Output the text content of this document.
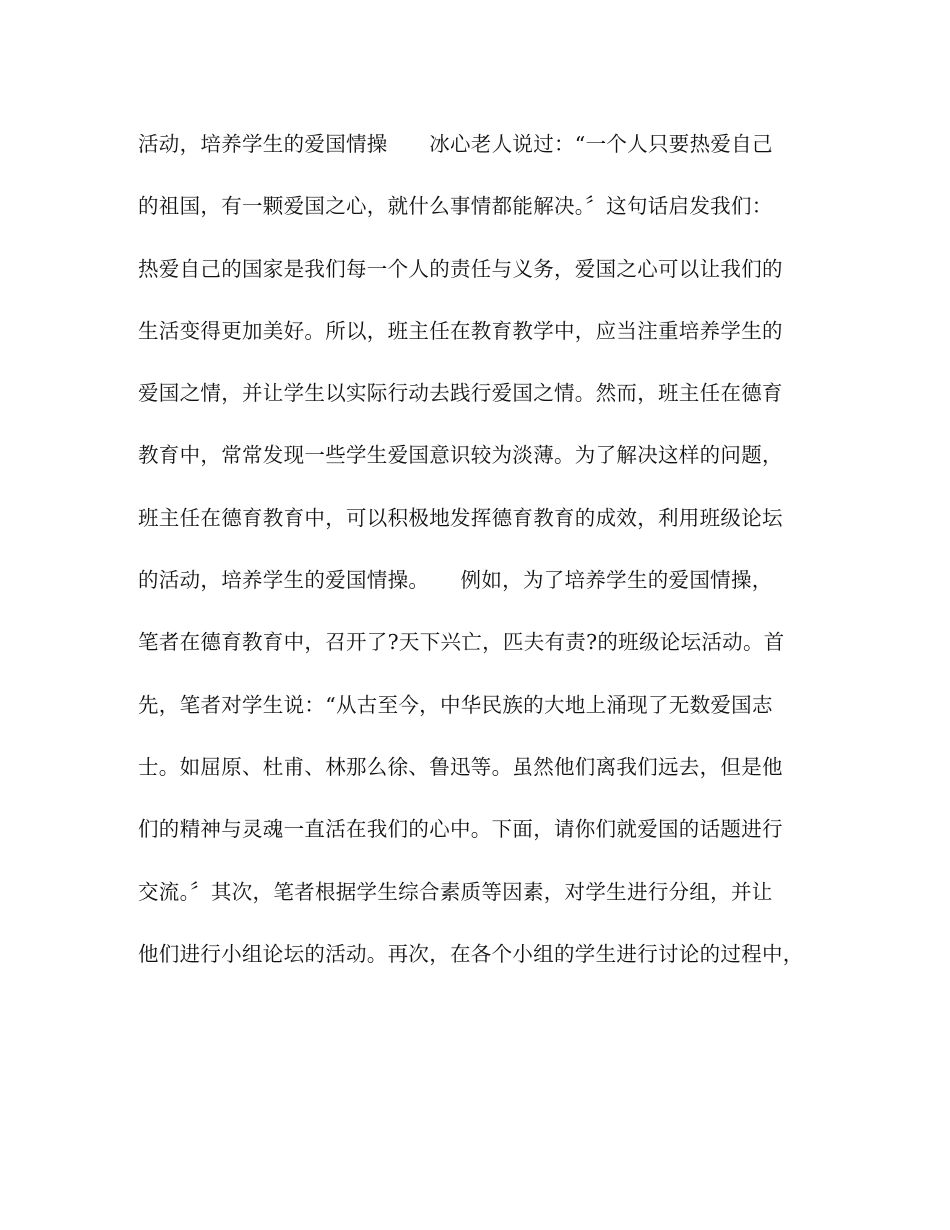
活动，培养学生的爱国情操　　冰心老人说过：“一个人只要热爱自己
的祖国，有一颗爱国之心，就什么事情都能解决。〞这句话启发我们：
热爱自己的国家是我们每一个人的责任与义务，爱国之心可以让我们的
生活变得更加美好。所以，班主任在教育教学中，应当注重培养学生的
爱国之情，并让学生以实际行动去践行爱国之情。然而，班主任在德育
教育中，常常发现一些学生爱国意识较为淡薄。为了解决这样的问题，
班主任在德育教育中，可以积极地发挥德育教育的成效，利用班级论坛
的活动，培养学生的爱国情操。　　例如，为了培养学生的爱国情操，
笔者在德育教育中，召开了?天下兴亡，匹夫有责?的班级论坛活动。首
先，笔者对学生说：“从古至今，中华民族的大地上涌现了无数爱国志
士。如屈原、杜甫、林那么徐、鲁迅等。虽然他们离我们远去，但是他
们的精神与灵魂一直活在我们的心中。下面，请你们就爱国的话题进行
交流。〞其次，笔者根据学生综合素质等因素，对学生进行分组，并让
他们进行小组论坛的活动。再次，在各个小组的学生进行讨论的过程中，
